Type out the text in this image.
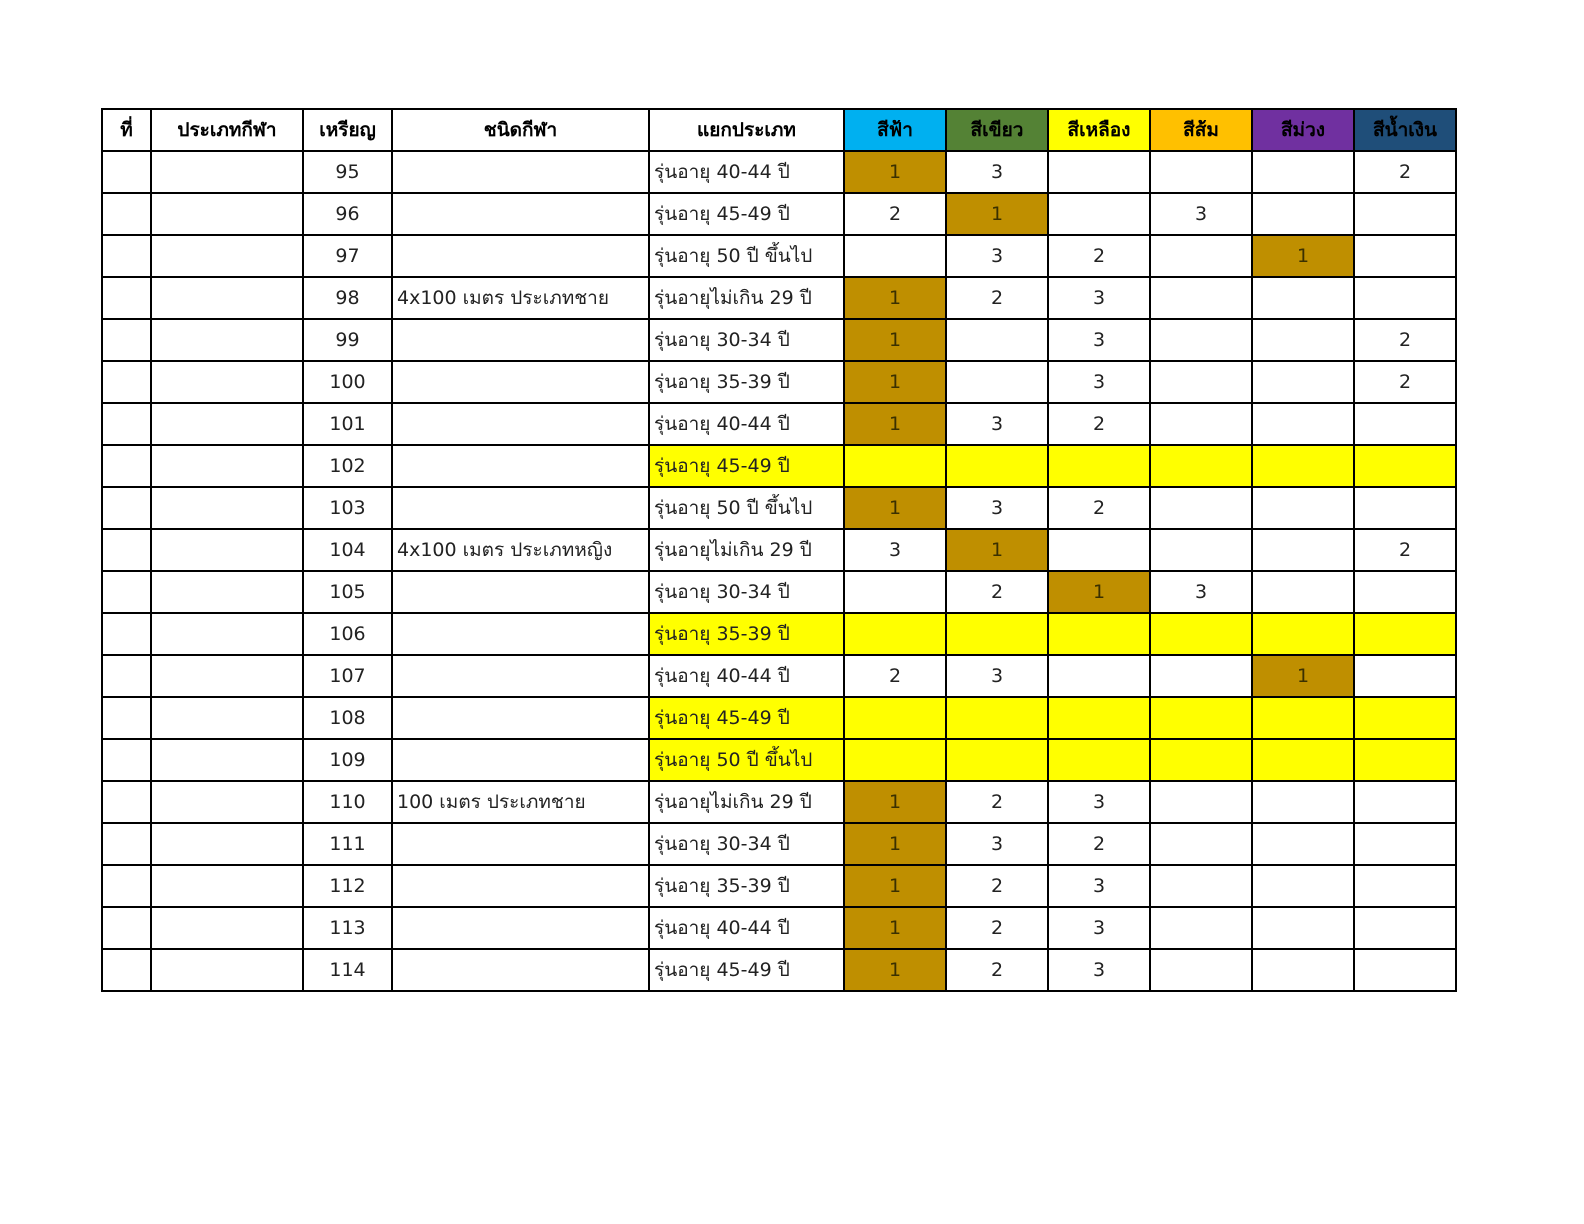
ที่	ประเภทกีฬา	เหรียญ	ชนิดกีฬา	แยกประเภท	สีฟ้า	สีเขียว	สีเหลือง	สีส้ม	สีม่วง	สีน้ำเงิน
		95		รุ่นอายุ 40-44 ปี	1	3				2
		96		รุ่นอายุ 45-49 ปี	2	1		3		
		97		รุ่นอายุ 50 ปี ขึ้นไป		3	2		1	
		98	4x100 เมตร ประเภทชาย	รุ่นอายุไม่เกิน 29 ปี	1	2	3			
		99		รุ่นอายุ 30-34 ปี	1		3			2
		100		รุ่นอายุ 35-39 ปี	1		3			2
		101		รุ่นอายุ 40-44 ปี	1	3	2			
		102		รุ่นอายุ 45-49 ปี						
		103		รุ่นอายุ 50 ปี ขึ้นไป	1	3	2			
		104	4x100 เมตร ประเภทหญิง	รุ่นอายุไม่เกิน 29 ปี	3	1				2
		105		รุ่นอายุ 30-34 ปี		2	1	3		
		106		รุ่นอายุ 35-39 ปี						
		107		รุ่นอายุ 40-44 ปี	2	3			1	
		108		รุ่นอายุ 45-49 ปี						
		109		รุ่นอายุ 50 ปี ขึ้นไป						
		110	100 เมตร ประเภทชาย	รุ่นอายุไม่เกิน 29 ปี	1	2	3			
		111		รุ่นอายุ 30-34 ปี	1	3	2			
		112		รุ่นอายุ 35-39 ปี	1	2	3			
		113		รุ่นอายุ 40-44 ปี	1	2	3			
		114		รุ่นอายุ 45-49 ปี	1	2	3			
